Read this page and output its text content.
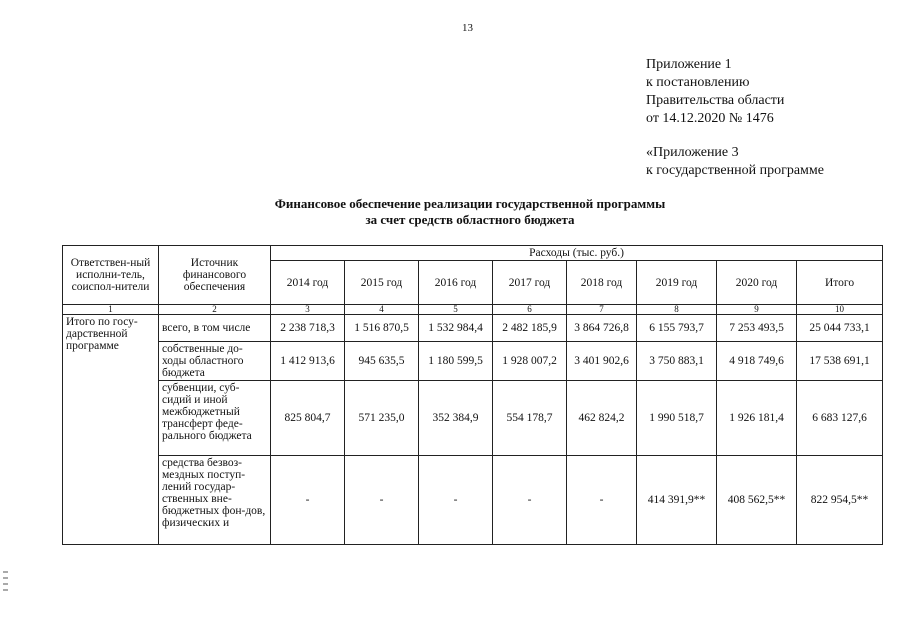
13
Приложение 1
к постановлению
Правительства области
от 14.12.2020 № 1476
«Приложение 3
к государственной программе
Финансовое обеспечение реализации государственной программы
за счет средств областного бюджета
Ответствен-ный исполни-тель, соиспол-нители	Источник финансового обеспечения	Расходы (тыс. руб.)							
		2014 год	2015 год	2016 год	2017 год	2018 год	2019 год	2020 год	Итого
1	2	3	4	5	6	7	8	9	10
Итого по госу-дарственной программе	всего, в том числе	2 238 718,3	1 516 870,5	1 532 984,4	2 482 185,9	3 864 726,8	6 155 793,7	7 253 493,5	25 044 733,1
	собственные до-ходы областного бюджета	1 412 913,6	945 635,5	1 180 599,5	1 928 007,2	3 401 902,6	3 750 883,1	4 918 749,6	17 538 691,1
	субвенции, суб-сидий и иной межбюджетный трансферт феде-рального бюджета	825 804,7	571 235,0	352 384,9	554 178,7	462 824,2	1 990 518,7	1 926 181,4	6 683 127,6
	средства безвоз-мездных поступ-лений государ-ственных вне-бюджетных фон-дов, физических и	-	-	-	-	-	414 391,9**	408 562,5**	822 954,5**
